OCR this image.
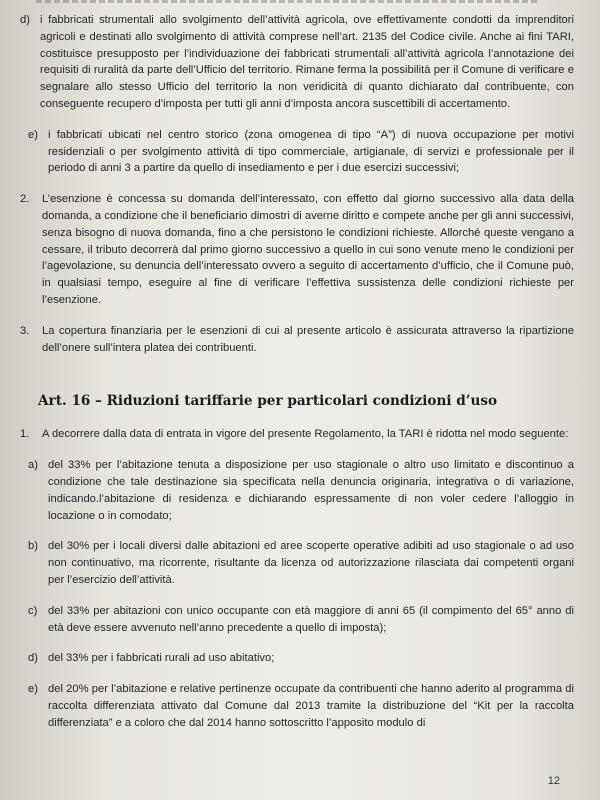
d) i fabbricati strumentali allo svolgimento dell’attività agricola, ove effettivamente condotti da imprenditori agricoli e destinati allo svolgimento di attività comprese nell’art. 2135 del Codice civile. Anche ai fini TARI, costituisce presupposto per l’individuazione dei fabbricati strumentali all’attività agricola l’annotazione dei requisiti di ruralità da parte dell’Ufficio del territorio. Rimane ferma la possibilità per il Comune di verificare e segnalare allo stesso Ufficio del territorio la non veridicità di quanto dichiarato dal contribuente, con conseguente recupero d’imposta per tutti gli anni d’imposta ancora suscettibili di accertamento.
e) i fabbricati ubicati nel centro storico (zona omogenea di tipo “A”) di nuova occupazione per motivi residenziali o per svolgimento attività di tipo commerciale, artigianale, di servizi e professionale per il periodo di anni 3 a partire da quello di insediamento e per i due esercizi successivi;
2.	L’esenzione è concessa su domanda dell’interessato, con effetto dal giorno successivo alla data della domanda, a condizione che il beneficiario dimostri di averne diritto e compete anche per gli anni successivi, senza bisogno di nuova domanda, fino a che persistono le condizioni richieste. Allorché queste vengano a cessare, il tributo decorrerà dal primo giorno successivo a quello in cui sono venute meno le condizioni per l’agevolazione, su denuncia dell’interessato ovvero a seguito di accertamento d’ufficio, che il Comune può, in qualsiasi tempo, eseguire al fine di verificare l’effettiva sussistenza delle condizioni richieste per l’esenzione.
3.	La copertura finanziaria per le esenzioni di cui al presente articolo è assicurata attraverso la ripartizione dell’onere sull’intera platea dei contribuenti.
Art. 16 – Riduzioni tariffarie per particolari condizioni d’uso
1.	A decorrere dalla data di entrata in vigore del presente Regolamento, la TARI è ridotta nel modo seguente:
a) del 33% per l’abitazione tenuta a disposizione per uso stagionale o altro uso limitato e discontinuo a condizione che tale destinazione sia specificata nella denuncia originaria, integrativa o di variazione, indicando.l’abitazione di residenza e dichiarando espressamente di non voler cedere l’alloggio in locazione o in comodato;
b) del 30% per i locali diversi dalle abitazioni ed aree scoperte operative adibiti ad uso stagionale o ad uso non continuativo, ma ricorrente, risultante da licenza od autorizzazione rilasciata dai competenti organi per l’esercizio dell’attività.
c) del 33% per abitazioni con unico occupante con età maggiore di anni 65 (il compimento del 65° anno di età deve essere avvenuto nell’anno precedente a quello di imposta);
d) del 33% per i fabbricati rurali ad uso abitativo;
e) del 20% per l’abitazione e relative pertinenze occupate da contribuenti che hanno aderito al programma di raccolta differenziata attivato dal Comune dal 2013 tramite la distribuzione del “Kit per la raccolta differenziata” e a coloro che dal 2014 hanno sottoscritto l’apposito modulo di
12
